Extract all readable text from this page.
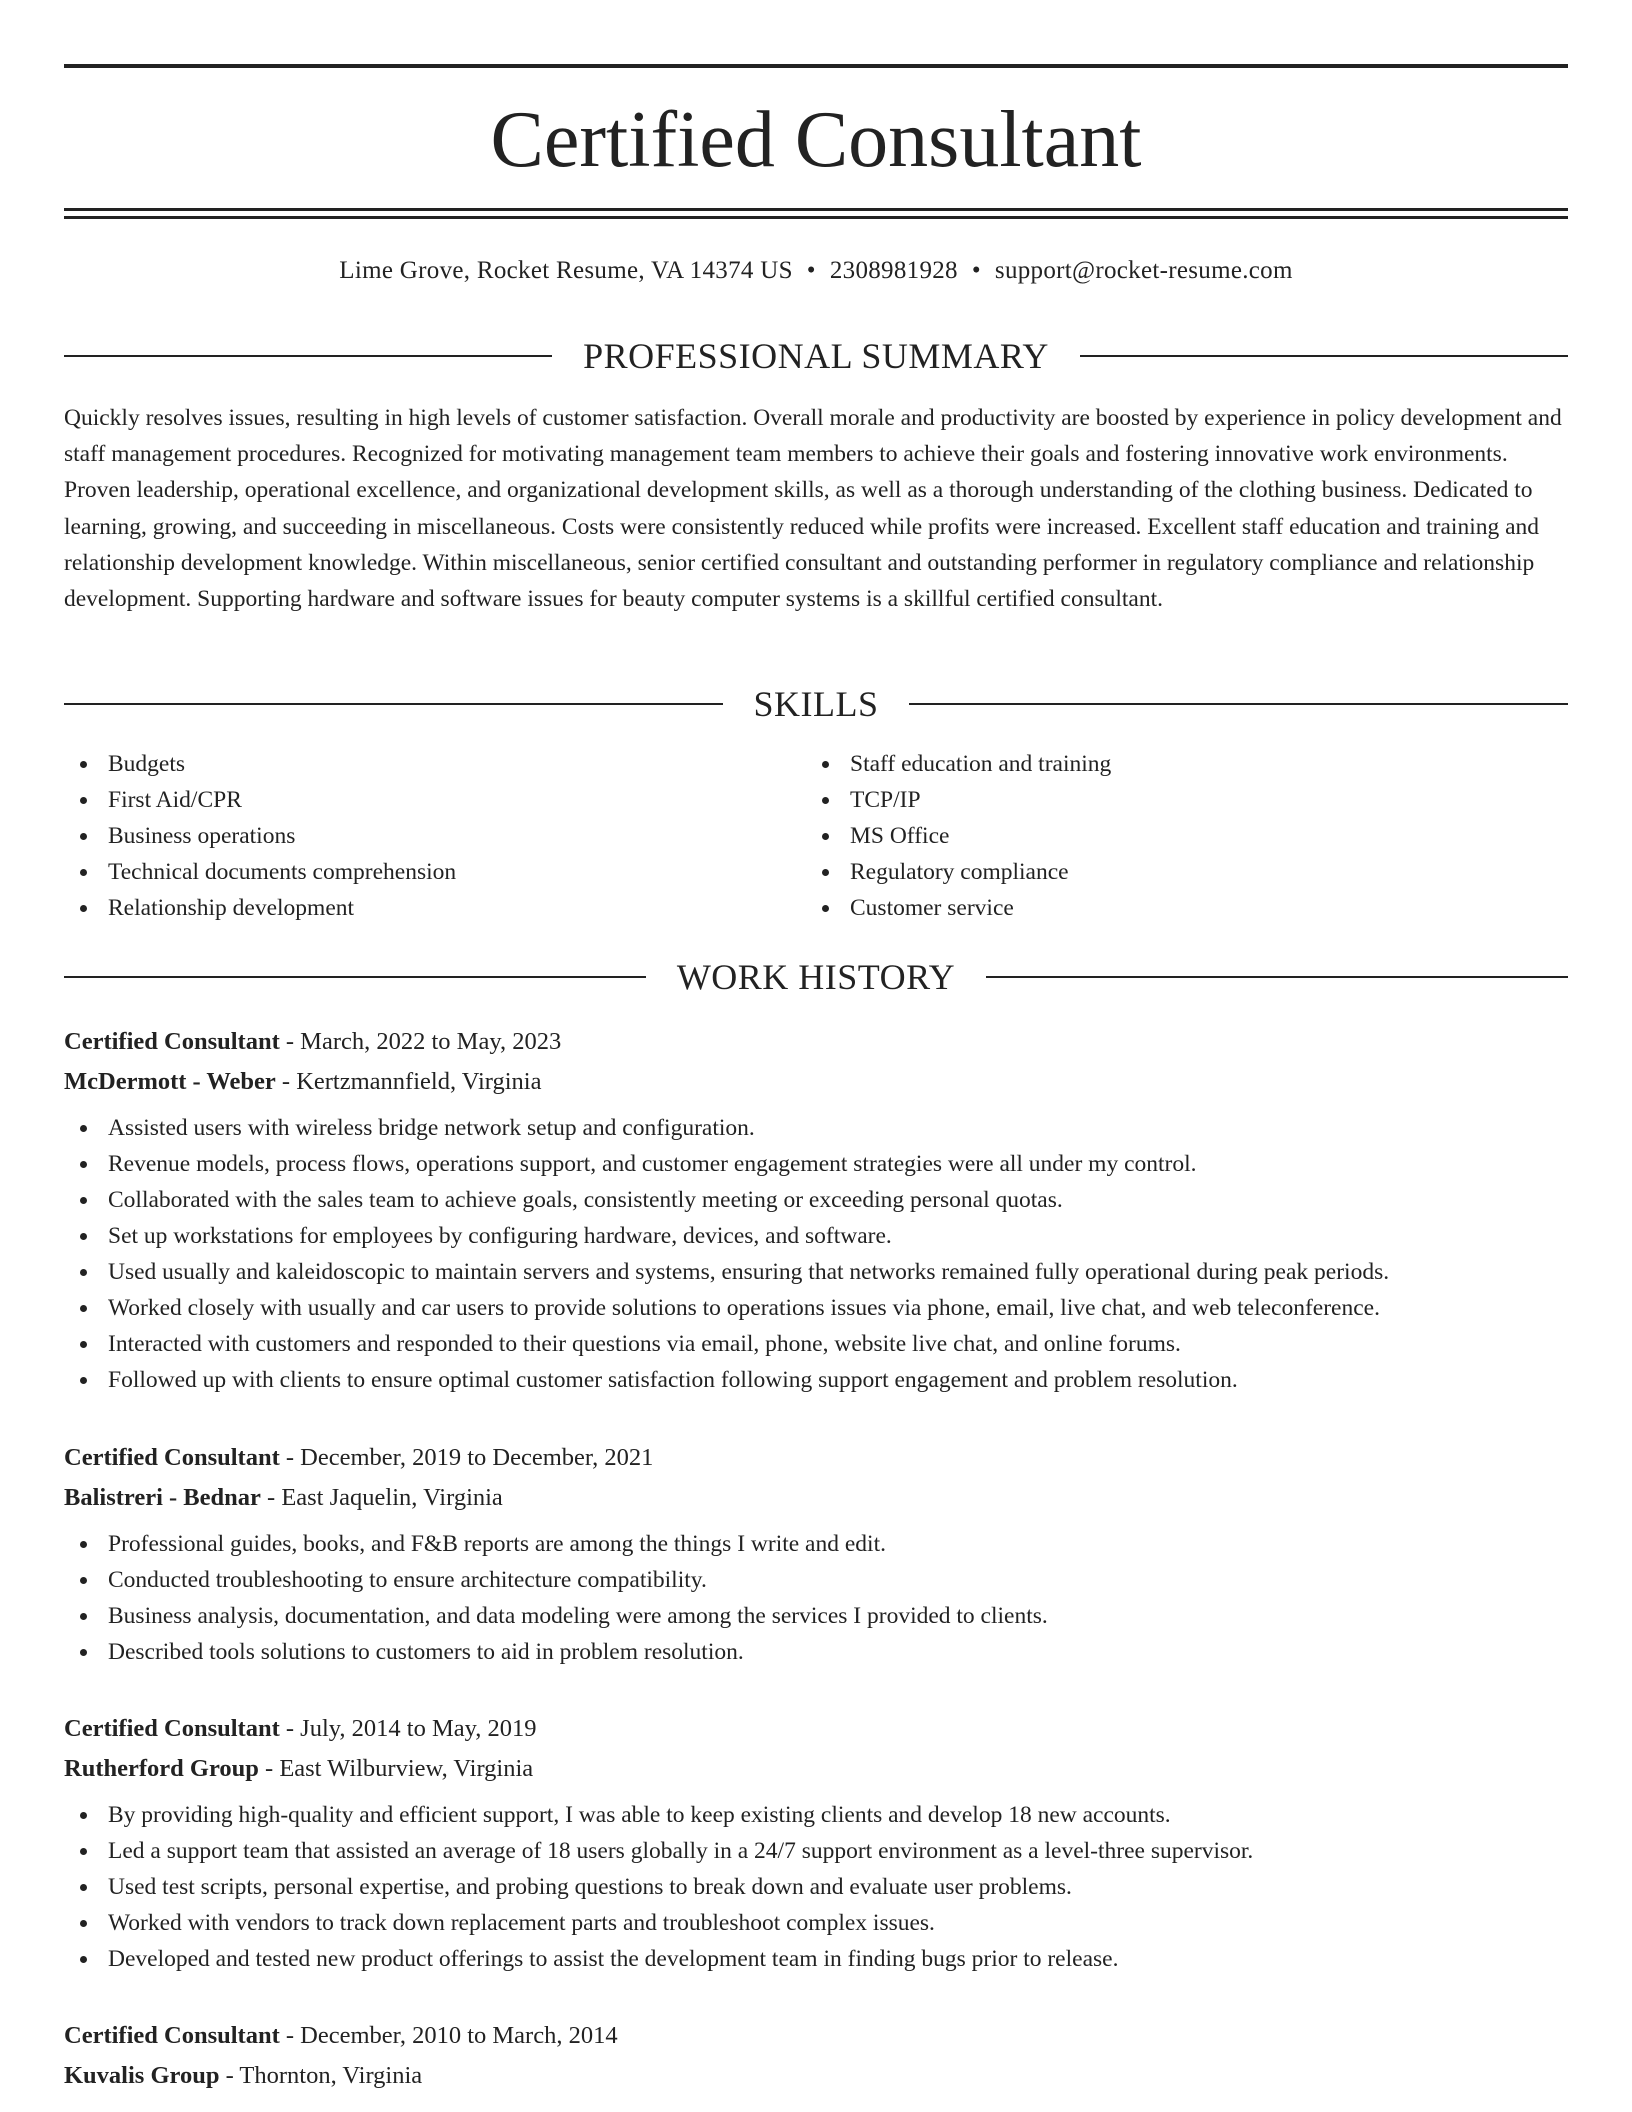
Certified Consultant
Lime Grove, Rocket Resume, VA 14374 US • 2308981928 • support@rocket-resume.com
PROFESSIONAL SUMMARY

Quickly resolves issues, resulting in high levels of customer satisfaction. Overall morale and productivity are boosted by experience in policy development and staff management procedures. Recognized for motivating management team members to achieve their goals and fostering innovative work environments. Proven leadership, operational excellence, and organizational development skills, as well as a thorough understanding of the clothing business. Dedicated to learning, growing, and succeeding in miscellaneous. Costs were consistently reduced while profits were increased. Excellent staff education and training and relationship development knowledge. Within miscellaneous, senior certified consultant and outstanding performer in regulatory compliance and relationship development. Supporting hardware and software issues for beauty computer systems is a skillful certified consultant.

SKILLS
Budgets
First Aid/CPR
Business operations
Technical documents comprehension
Relationship development
Staff education and training
TCP/IP
MS Office
Regulatory compliance
Customer service
WORK HISTORY

Certified Consultant - March, 2022 to May, 2023

McDermott - Weber - Kertzmannfield, Virginia

Assisted users with wireless bridge network setup and configuration.
Revenue models, process flows, operations support, and customer engagement strategies were all under my control.
Collaborated with the sales team to achieve goals, consistently meeting or exceeding personal quotas.
Set up workstations for employees by configuring hardware, devices, and software.
Used usually and kaleidoscopic to maintain servers and systems, ensuring that networks remained fully operational during peak periods.
Worked closely with usually and car users to provide solutions to operations issues via phone, email, live chat, and web teleconference.
Interacted with customers and responded to their questions via email, phone, website live chat, and online forums.
Followed up with clients to ensure optimal customer satisfaction following support engagement and problem resolution.

Certified Consultant - December, 2019 to December, 2021

Balistreri - Bednar - East Jaquelin, Virginia

Professional guides, books, and F&B reports are among the things I write and edit.
Conducted troubleshooting to ensure architecture compatibility.
Business analysis, documentation, and data modeling were among the services I provided to clients.
Described tools solutions to customers to aid in problem resolution.

Certified Consultant - July, 2014 to May, 2019

Rutherford Group - East Wilburview, Virginia

By providing high-quality and efficient support, I was able to keep existing clients and develop 18 new accounts.
Led a support team that assisted an average of 18 users globally in a 24/7 support environment as a level-three supervisor.
Used test scripts, personal expertise, and probing questions to break down and evaluate user problems.
Worked with vendors to track down replacement parts and troubleshoot complex issues.
Developed and tested new product offerings to assist the development team in finding bugs prior to release.

Certified Consultant - December, 2010 to March, 2014

Kuvalis Group - Thornton, Virginia
